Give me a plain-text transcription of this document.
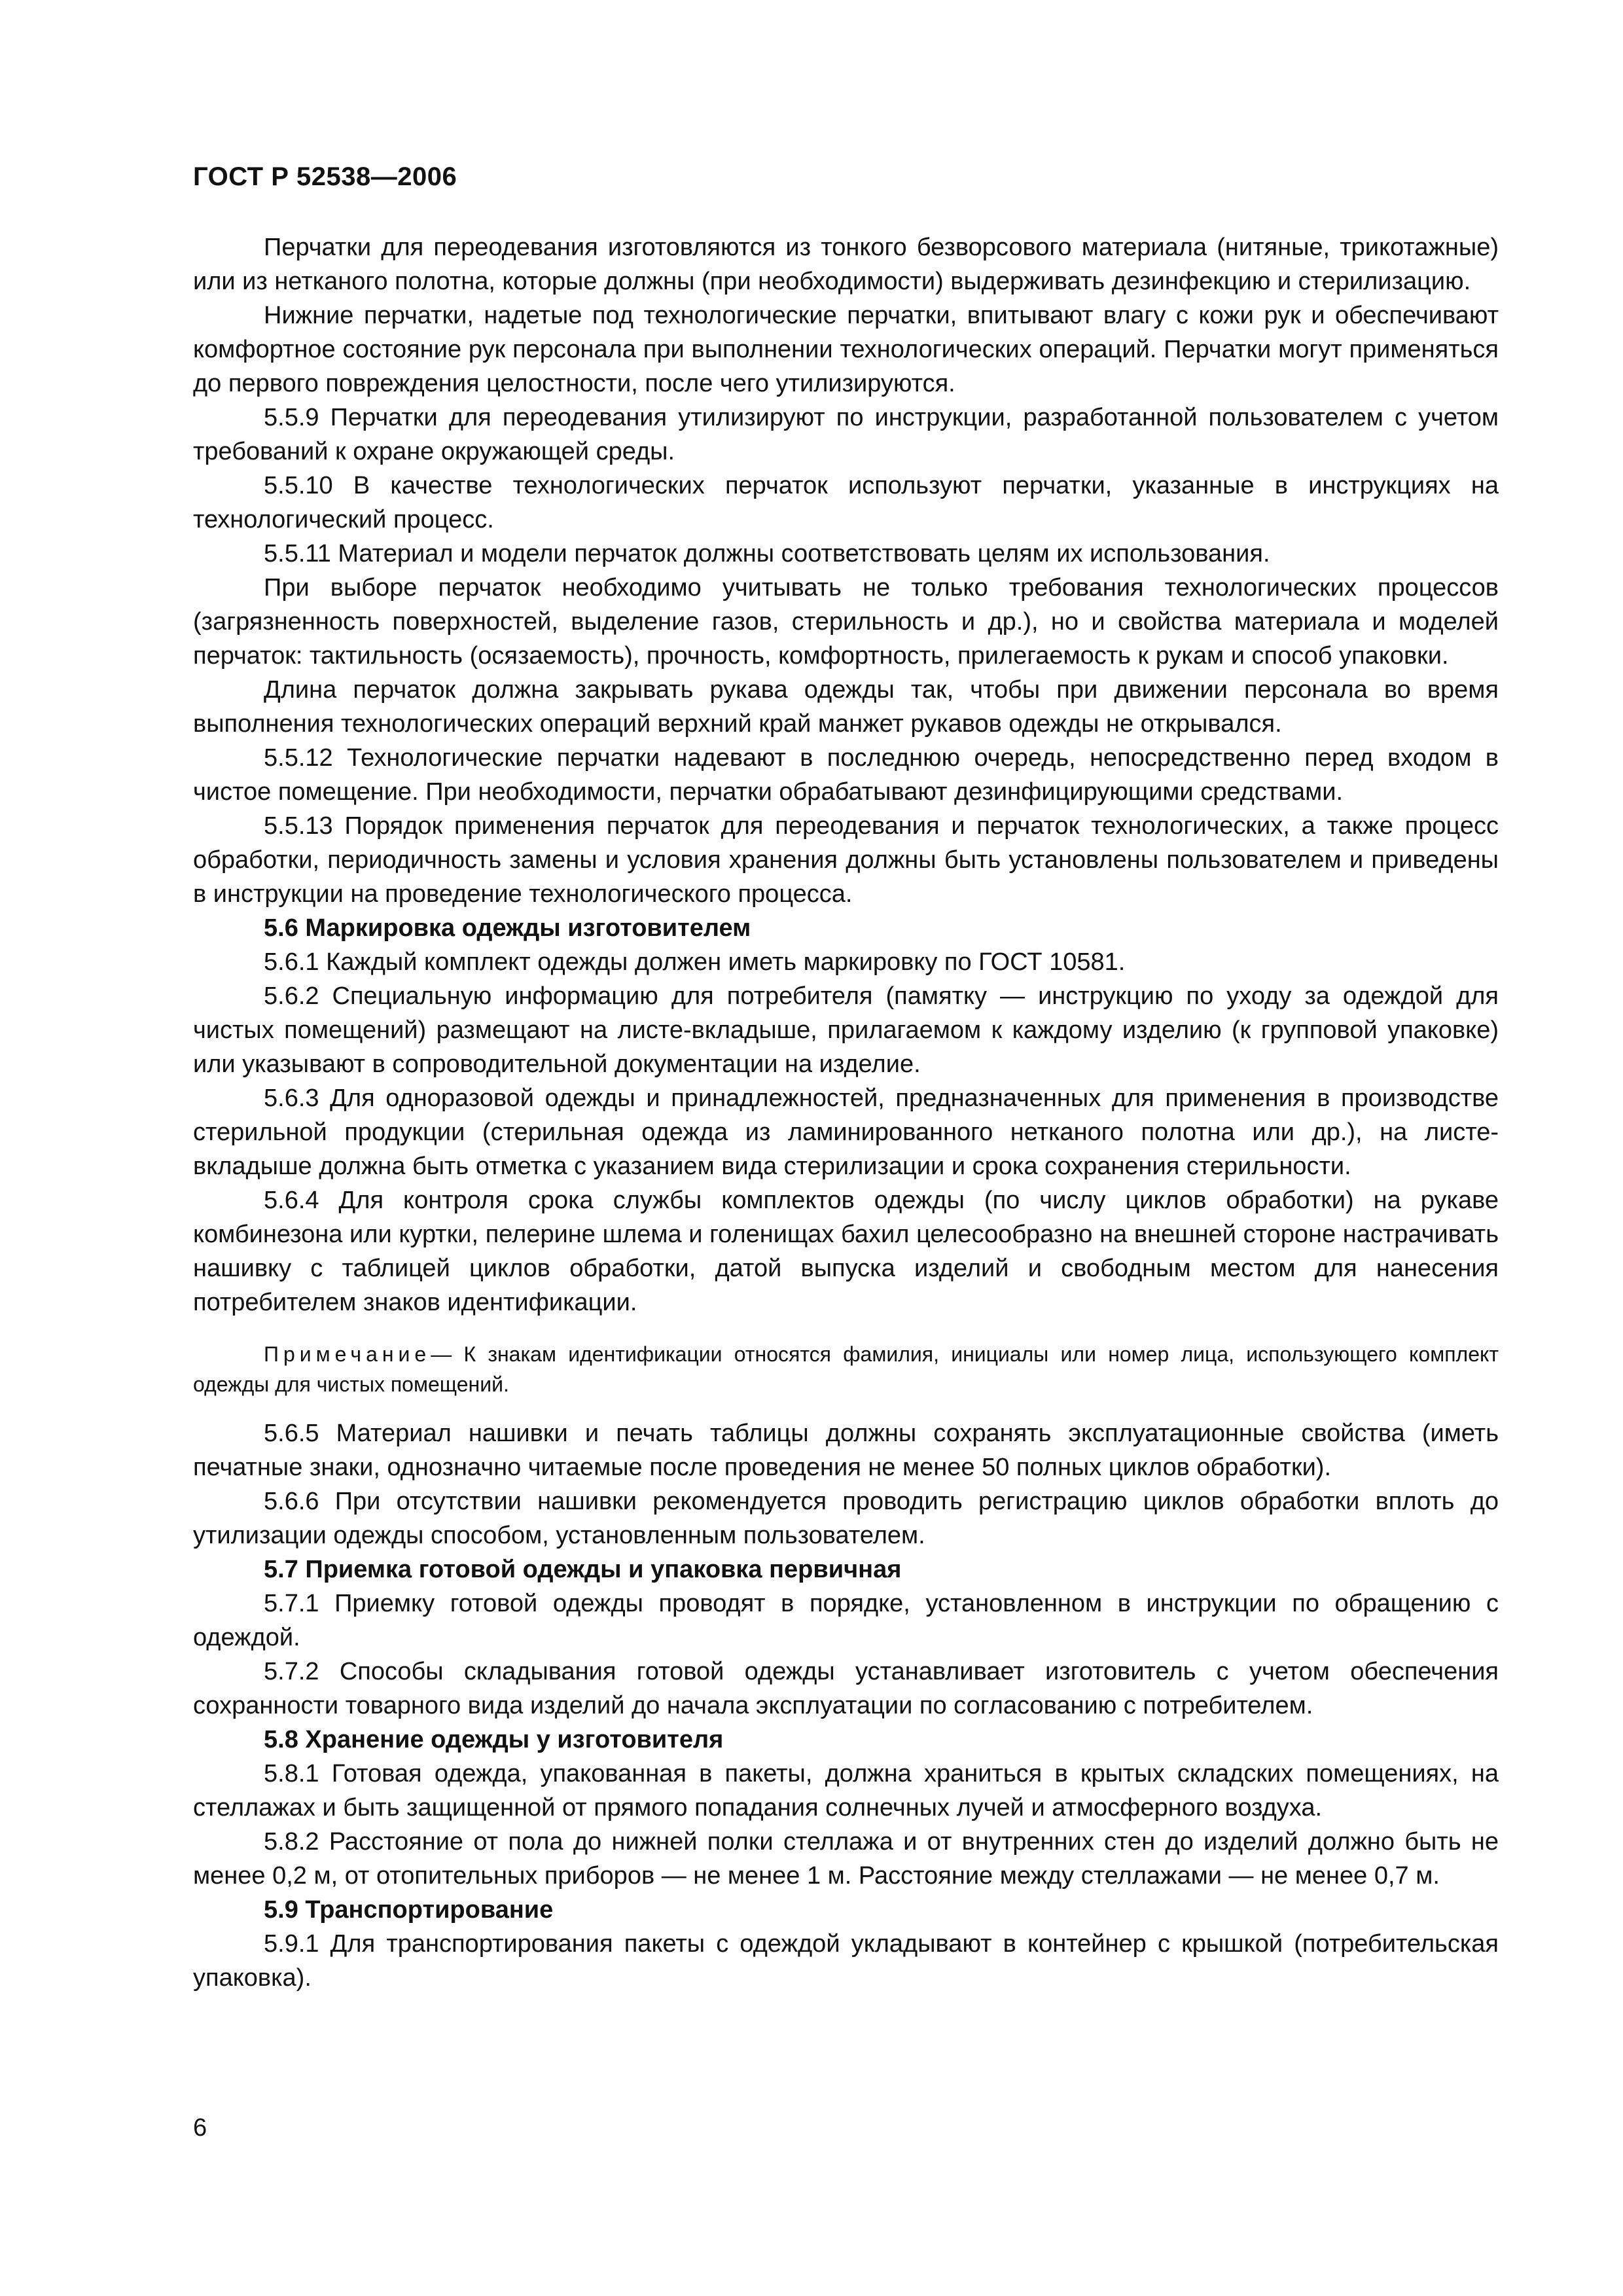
ГОСТ Р 52538—2006

Перчатки для переодевания изготовляются из тонкого безворсового материала (нитяные, трикотажные) или из нетканого полотна, которые должны (при необходимости) выдерживать дезинфекцию и стерилизацию.

Нижние перчатки, надетые под технологические перчатки, впитывают влагу с кожи рук и обеспечивают комфортное состояние рук персонала при выполнении технологических операций. Перчатки могут применяться до первого повреждения целостности, после чего утилизируются.

5.5.9 Перчатки для переодевания утилизируют по инструкции, разработанной пользователем с учетом требований к охране окружающей среды.

5.5.10 В качестве технологических перчаток используют перчатки, указанные в инструкциях на технологический процесс.

5.5.11 Материал и модели перчаток должны соответствовать целям их использования.

При выборе перчаток необходимо учитывать не только требования технологических процессов (загрязненность поверхностей, выделение газов, стерильность и др.), но и свойства материала и моделей перчаток: тактильность (осязаемость), прочность, комфортность, прилегаемость к рукам и способ упаковки.

Длина перчаток должна закрывать рукава одежды так, чтобы при движении персонала во время выполнения технологических операций верхний край манжет рукавов одежды не открывался.

5.5.12 Технологические перчатки надевают в последнюю очередь, непосредственно перед входом в чистое помещение. При необходимости, перчатки обрабатывают дезинфицирующими средствами.

5.5.13 Порядок применения перчаток для переодевания и перчаток технологических, а также процесс обработки, периодичность замены и условия хранения должны быть установлены пользователем и приведены в инструкции на проведение технологического процесса.

5.6 Маркировка одежды изготовителем

5.6.1 Каждый комплект одежды должен иметь маркировку по ГОСТ 10581.

5.6.2 Специальную информацию для потребителя (памятку — инструкцию по уходу за одеждой для чистых помещений) размещают на листе-вкладыше, прилагаемом к каждому изделию (к групповой упаковке) или указывают в сопроводительной документации на изделие.

5.6.3 Для одноразовой одежды и принадлежностей, предназначенных для применения в производстве стерильной продукции (стерильная одежда из ламинированного нетканого полотна или др.), на листе-вкладыше должна быть отметка с указанием вида стерилизации и срока сохранения стерильности.

5.6.4 Для контроля срока службы комплектов одежды (по числу циклов обработки) на рукаве комбинезона или куртки, пелерине шлема и голенищах бахил целесообразно на внешней стороне настрачивать нашивку с таблицей циклов обработки, датой выпуска изделий и свободным местом для нанесения потребителем знаков идентификации.

Примечание— К знакам идентификации относятся фамилия, инициалы или номер лица, использующего комплект одежды для чистых помещений.

5.6.5 Материал нашивки и печать таблицы должны сохранять эксплуатационные свойства (иметь печатные знаки, однозначно читаемые после проведения не менее 50 полных циклов обработки).

5.6.6 При отсутствии нашивки рекомендуется проводить регистрацию циклов обработки вплоть до утилизации одежды способом, установленным пользователем.

5.7 Приемка готовой одежды и упаковка первичная

5.7.1 Приемку готовой одежды проводят в порядке, установленном в инструкции по обращению с одеждой.

5.7.2 Способы складывания готовой одежды устанавливает изготовитель с учетом обеспечения сохранности товарного вида изделий до начала эксплуатации по согласованию с потребителем.

5.8 Хранение одежды у изготовителя

5.8.1 Готовая одежда, упакованная в пакеты, должна храниться в крытых складских помещениях, на стеллажах и быть защищенной от прямого попадания солнечных лучей и атмосферного воздуха.

5.8.2 Расстояние от пола до нижней полки стеллажа и от внутренних стен до изделий должно быть не менее 0,2 м, от отопительных приборов — не менее 1 м. Расстояние между стеллажами — не менее 0,7 м.

5.9 Транспортирование

5.9.1 Для транспортирования пакеты с одеждой укладывают в контейнер с крышкой (потребительская упаковка).

6
